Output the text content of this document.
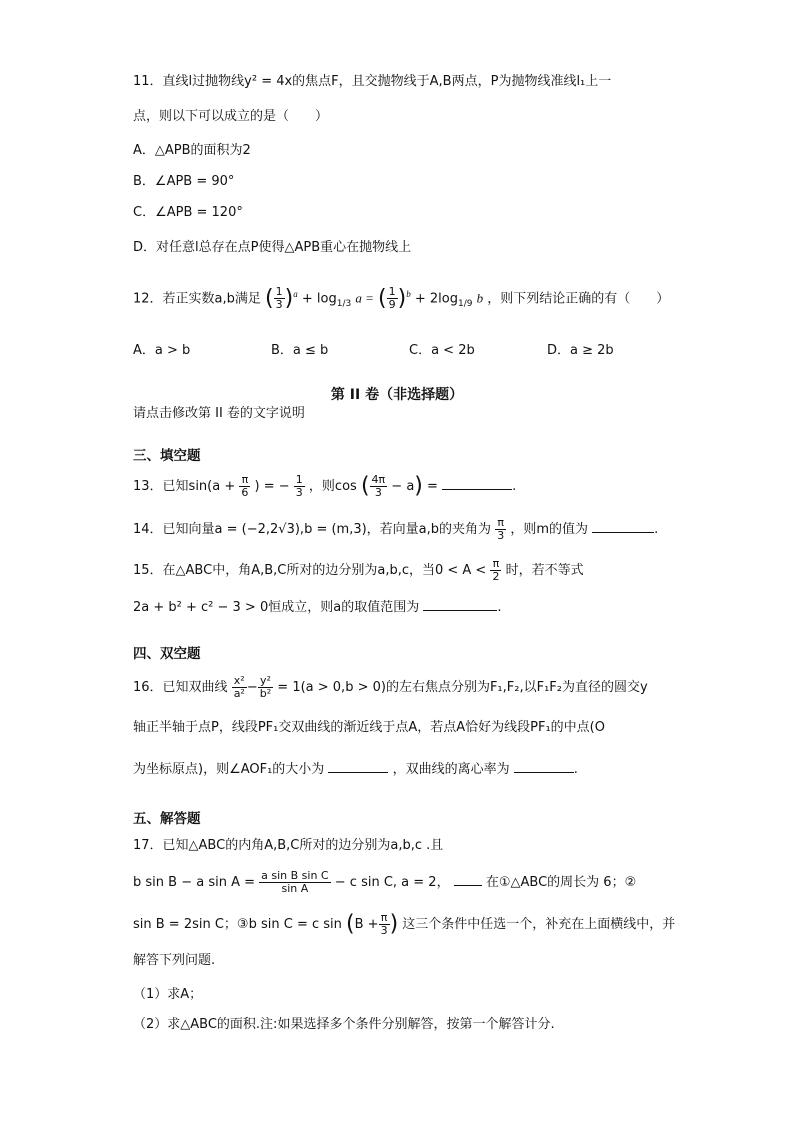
11．直线l过抛物线y² = 4x的焦点F，且交抛物线于A,B两点，P为抛物线准线l₁上一
点，则以下可以成立的是（　　）
A．△APB的面积为2
B．∠APB = 90°
C．∠APB = 120°
D．对任意l总存在点P使得△APB重心在抛物线上
12．若正实数a,b满足 ( $\frac{1}{3} )^a + \log_{1/3} a$ = ( $\frac{1}{9} )^b + 2\log_{1/9}$ b ，则下列结论正确的有（　　）
A．a > b	B．a ≤ b	C．a < 2b	D．a ≥ 2b
第 II 卷（非选择题）
请点击修改第 II 卷的文字说明
三、填空题
13．已知$\sin(a + \frac{\pi}{6}$ ) = − $\frac{1}{3}$ ，则cos ( $\frac{4\pi}{3} - a$) =	.
14．已知向量a = (−2,2√3),b = (m,3)，若向量a,b的夹角为 $\frac{\pi}{3}$ ，则m的值为	.
15．在△ABC中，角A,B,C所对的边分别为a,b,c，当$0 < A < \frac{\pi}{2}$ 时，若不等式
2a + b² + c² − 3 > 0恒成立，则a的取值范围为	.
四、双空题
16．已知双曲线 $\frac{\text{x²}}{\text{a²}} - \frac{\text{y²}}{\text{b²}} = 1(a > 0,b > 0)$的左右焦点分别为F₁,F₂,以F₁F₂为直径的圆交y
轴正半轴于点P，线段PF₁交双曲线的渐近线于点A，若点A恰好为线段PF₁的中点(O
为坐标原点)，则∠AOF₁的大小为	，双曲线的离心率为	.
五、解答题
17．已知△ABC的内角A,B,C所对的边分别为a,b,c .且
b sin B − a $\sin A = \frac{\text{a sin B sin C}}{\text{sin A}} - c$ sin C, a = 2，	在①△ABC的周长为 6；②
sin B = 2sin C；③b sin C = c $\sin (B + \frac{\pi}{3}$ ) 这三个条件中任选一个，补充在上面横线中，并
解答下列问题.
（1）求A；
（2）求△ABC的面积.注:如果选择多个条件分别解答，按第一个解答计分.
